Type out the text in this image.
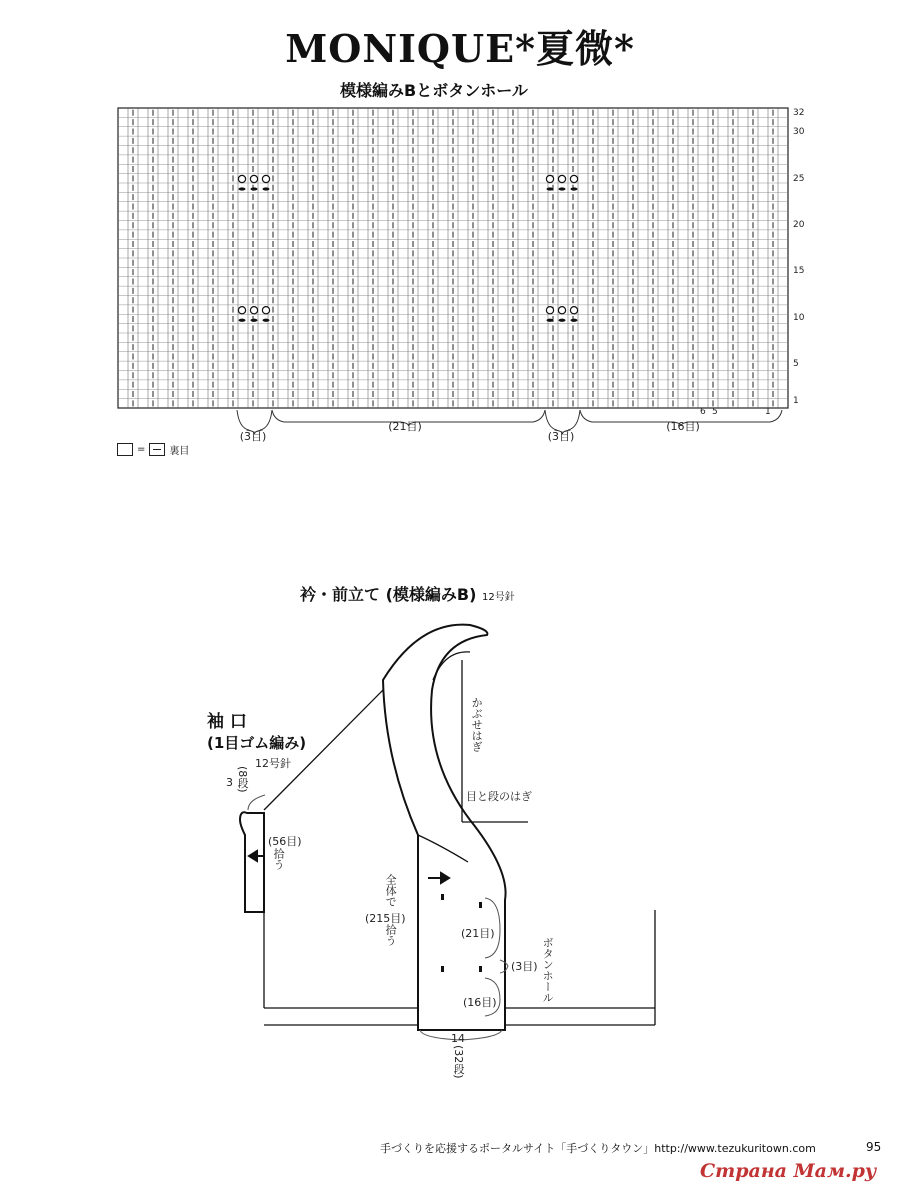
MONIQUE*夏微*
模様編みBとボタンホール
32
30
25
20
15
10
5
1
6 5	1
(3目)
(21目)
(3目)
(16目)
= 裏目
衿・前立て (模様編みB) 12号針
袖 口
(1目ゴム編み)
12号針
3 (8段)
(56目)
拾う
かぶせはぎ
目と段のはぎ
全体で
(215目)
拾う	(21目)
(3目)
(16目)	ボタンホール
14
(32段)
手づくりを応援するポータルサイト「手づくりタウン」http://www.tezukuritown.com	95
Страна Мам.ру
